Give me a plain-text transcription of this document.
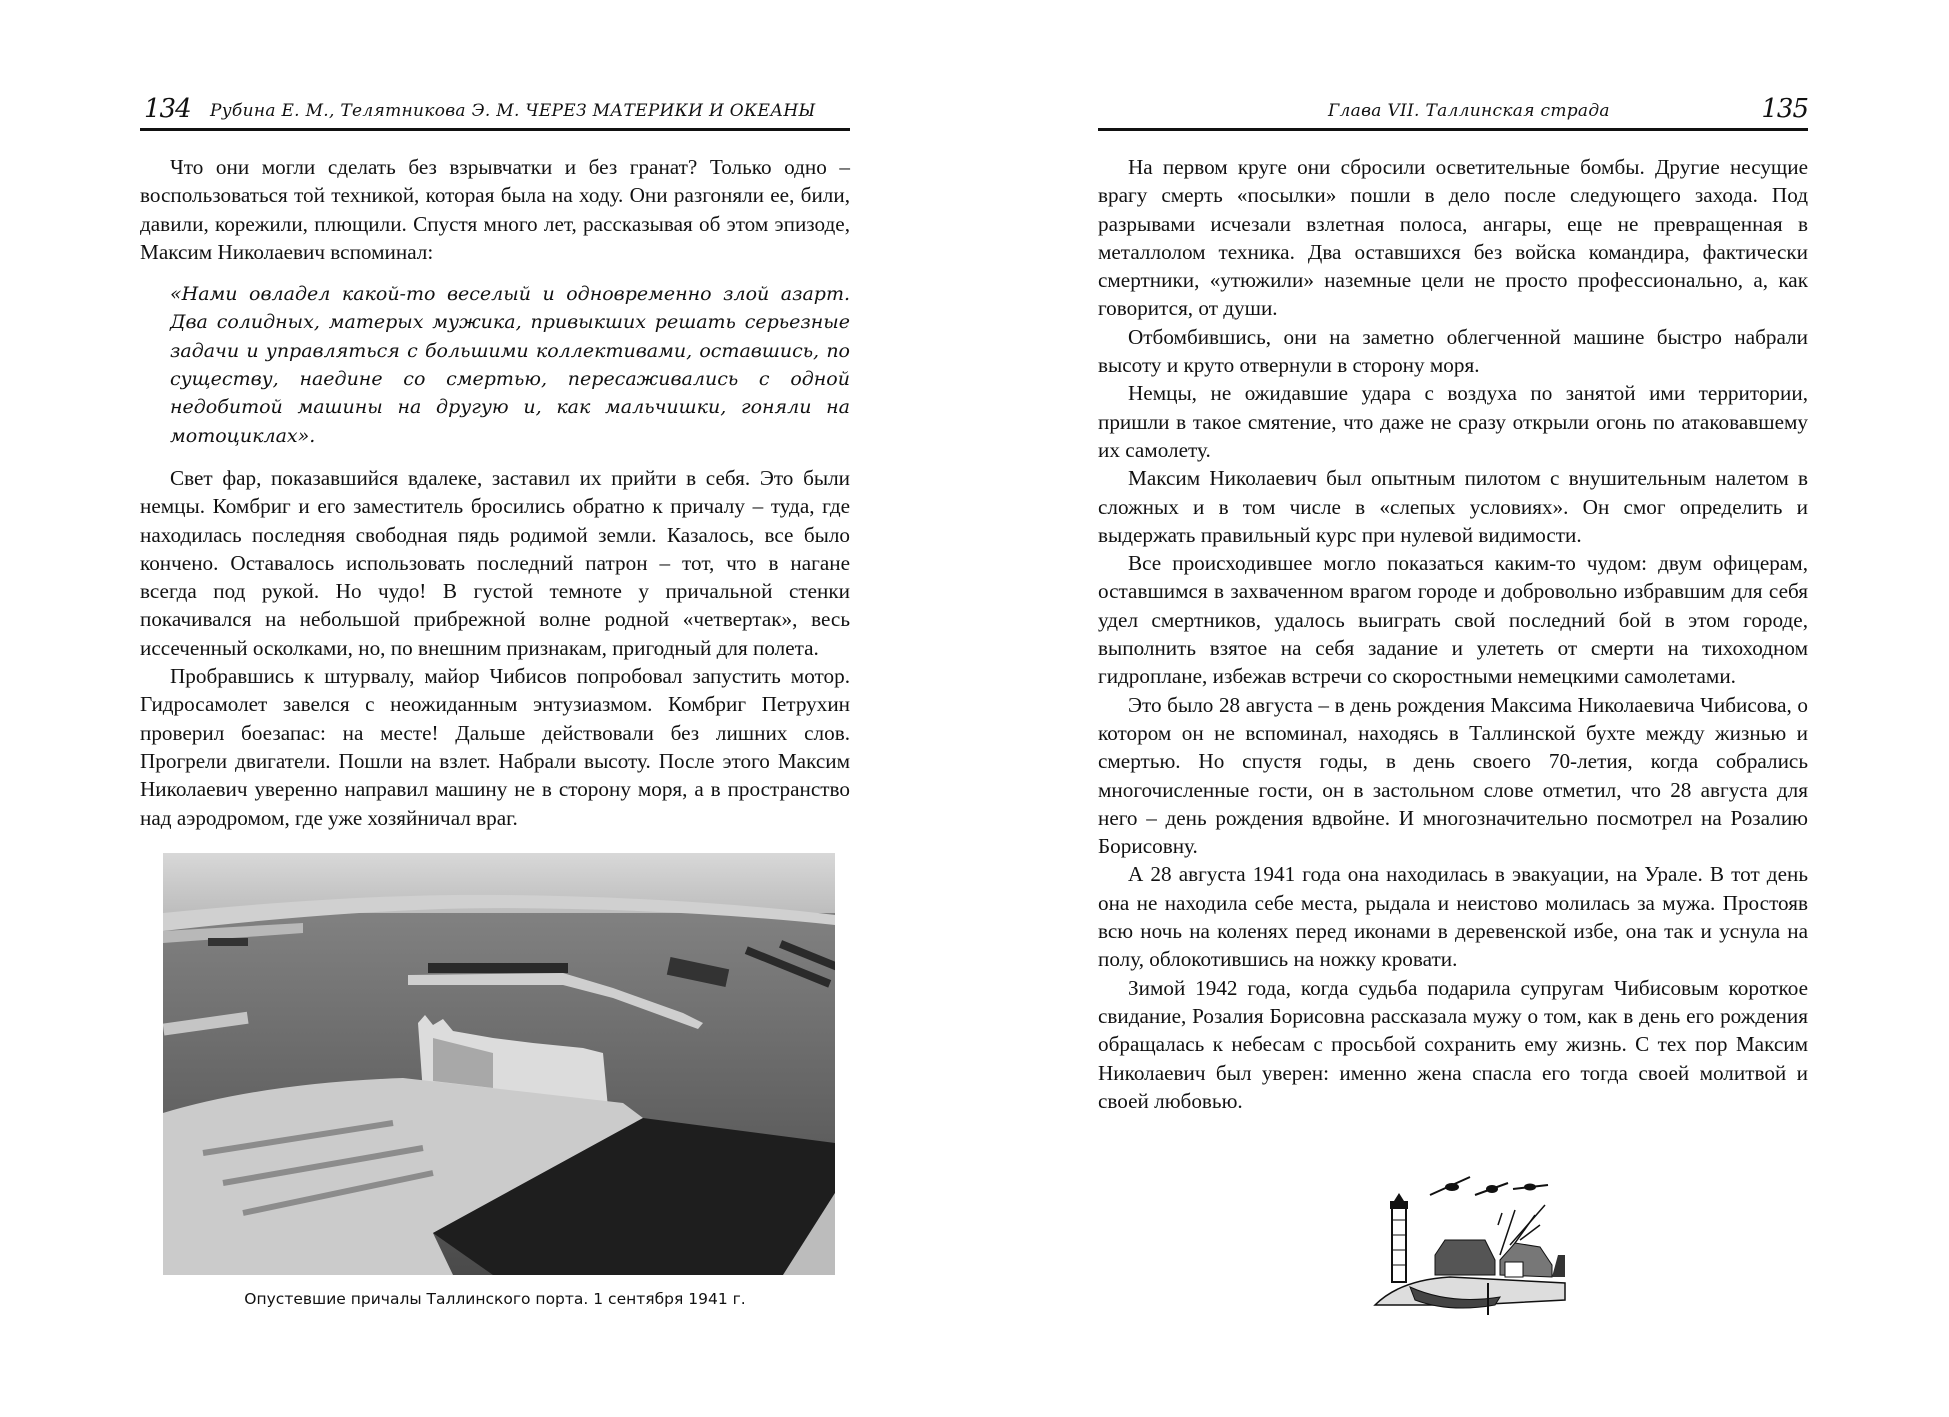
134 Рубина Е. М., Телятникова Э. М. ЧЕРЕЗ МАТЕРИКИ И ОКЕАНЫ

Что они могли сделать без взрывчатки и без гранат? Только одно – воспользоваться той техникой, которая была на ходу. Они разгоняли ее, били, давили, корежили, плющили. Спустя много лет, рассказывая об этом эпизоде, Максим Николаевич вспоминал:

«Нами овладел какой-то веселый и одновременно злой азарт. Два солидных, матерых мужика, привыкших решать серьезные задачи и управляться с большими коллективами, оставшись, по существу, наедине со смертью, пересаживались с одной недобитой машины на другую и, как мальчишки, гоняли на мотоциклах».

Свет фар, показавшийся вдалеке, заставил их прийти в себя. Это были немцы. Комбриг и его заместитель бросились обратно к причалу – туда, где находилась последняя свободная пядь родимой земли. Казалось, все было кончено. Оставалось использовать последний патрон – тот, что в нагане всегда под рукой. Но чудо! В густой темноте у причальной стенки покачивался на небольшой прибрежной волне родной «четвертак», весь иссеченный осколками, но, по внешним признакам, пригодный для полета.

Пробравшись к штурвалу, майор Чибисов попробовал запустить мотор. Гидросамолет завелся с неожиданным энтузиазмом. Комбриг Петрухин проверил боезапас: на месте! Дальше действовали без лишних слов. Прогрели двигатели. Пошли на взлет. Набрали высоту. После этого Максим Николаевич уверенно направил машину не в сторону моря, а в пространство над аэродромом, где уже хозяйничал враг.

Опустевшие причалы Таллинского порта. 1 сентября 1941 г.
Глава VII. Таллинская страда	135

На первом круге они сбросили осветительные бомбы. Другие несущие врагу смерть «посылки» пошли в дело после следующего захода. Под разрывами исчезали взлетная полоса, ангары, еще не превращенная в металлолом техника. Два оставшихся без войска командира, фактически смертники, «утюжили» наземные цели не просто профессионально, а, как говорится, от души.

Отбомбившись, они на заметно облегченной машине быстро набрали высоту и круто отвернули в сторону моря.

Немцы, не ожидавшие удара с воздуха по занятой ими территории, пришли в такое смятение, что даже не сразу открыли огонь по атаковавшему их самолету.

Максим Николаевич был опытным пилотом с внушительным налетом в сложных и в том числе в «слепых условиях». Он смог определить и выдержать правильный курс при нулевой видимости.

Все происходившее могло показаться каким-то чудом: двум офицерам, оставшимся в захваченном врагом городе и добровольно избравшим для себя удел смертников, удалось выиграть свой последний бой в этом городе, выполнить взятое на себя задание и улететь от смерти на тихоходном гидроплане, избежав встречи со скоростными немецкими самолетами.

Это было 28 августа – в день рождения Максима Николаевича Чибисова, о котором он не вспоминал, находясь в Таллинской бухте между жизнью и смертью. Но спустя годы, в день своего 70-летия, когда собрались многочисленные гости, он в застольном слове отметил, что 28 августа для него – день рождения вдвойне. И многозначительно посмотрел на Розалию Борисовну.

А 28 августа 1941 года она находилась в эвакуации, на Урале. В тот день она не находила себе места, рыдала и неистово молилась за мужа. Простояв всю ночь на коленях перед иконами в деревенской избе, она так и уснула на полу, облокотившись на ножку кровати.

Зимой 1942 года, когда судьба подарила супругам Чибисовым короткое свидание, Розалия Борисовна рассказала мужу о том, как в день его рождения обращалась к небесам с просьбой сохранить ему жизнь. С тех пор Максим Николаевич был уверен: именно жена спасла его тогда своей молитвой и своей любовью.
